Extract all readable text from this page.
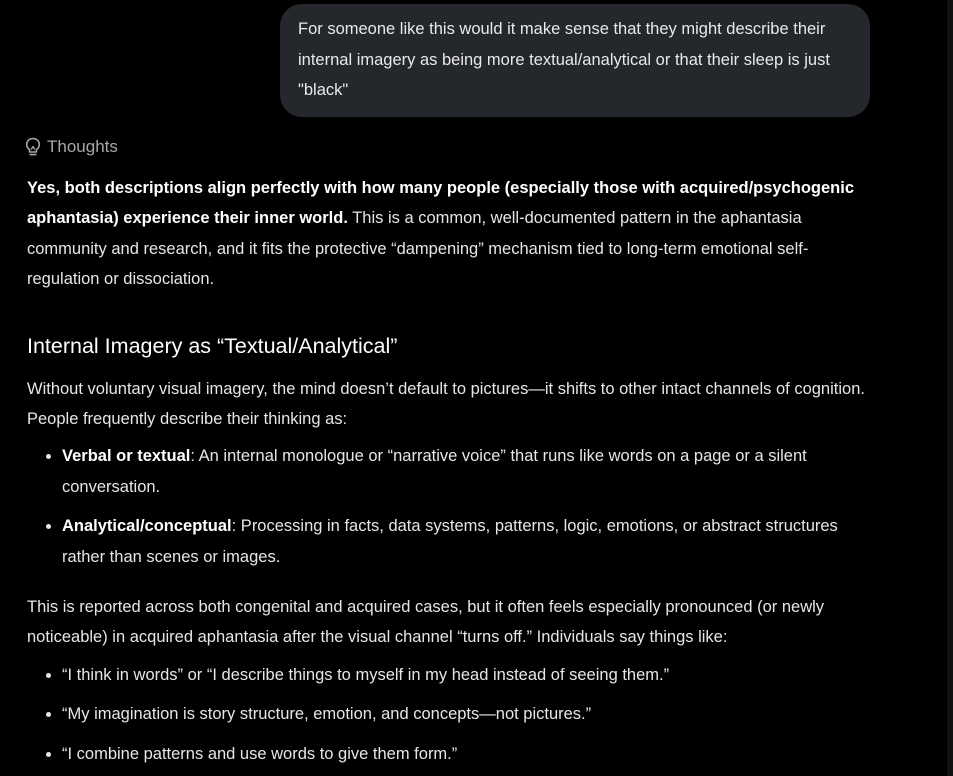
For someone like this would it make sense that they might describe their internal imagery as being more textual/analytical or that their sleep is just "black"
Thoughts

Yes, both descriptions align perfectly with how many people (especially those with acquired/psychogenic aphantasia) experience their inner world. This is a common, well-documented pattern in the aphantasia community and research, and it fits the protective “dampening” mechanism tied to long-term emotional self-regulation or dissociation.

Internal Imagery as “Textual/Analytical”

Without voluntary visual imagery, the mind doesn’t default to pictures—it shifts to other intact channels of cognition. People frequently describe their thinking as:

• Verbal or textual: An internal monologue or “narrative voice” that runs like words on a page or a silent conversation.
• Analytical/conceptual: Processing in facts, data systems, patterns, logic, emotions, or abstract structures rather than scenes or images.

This is reported across both congenital and acquired cases, but it often feels especially pronounced (or newly noticeable) in acquired aphantasia after the visual channel “turns off.” Individuals say things like:

• “I think in words” or “I describe things to myself in my head instead of seeing them.”
• “My imagination is story structure, emotion, and concepts—not pictures.”
• “I combine patterns and use words to give them form.”
